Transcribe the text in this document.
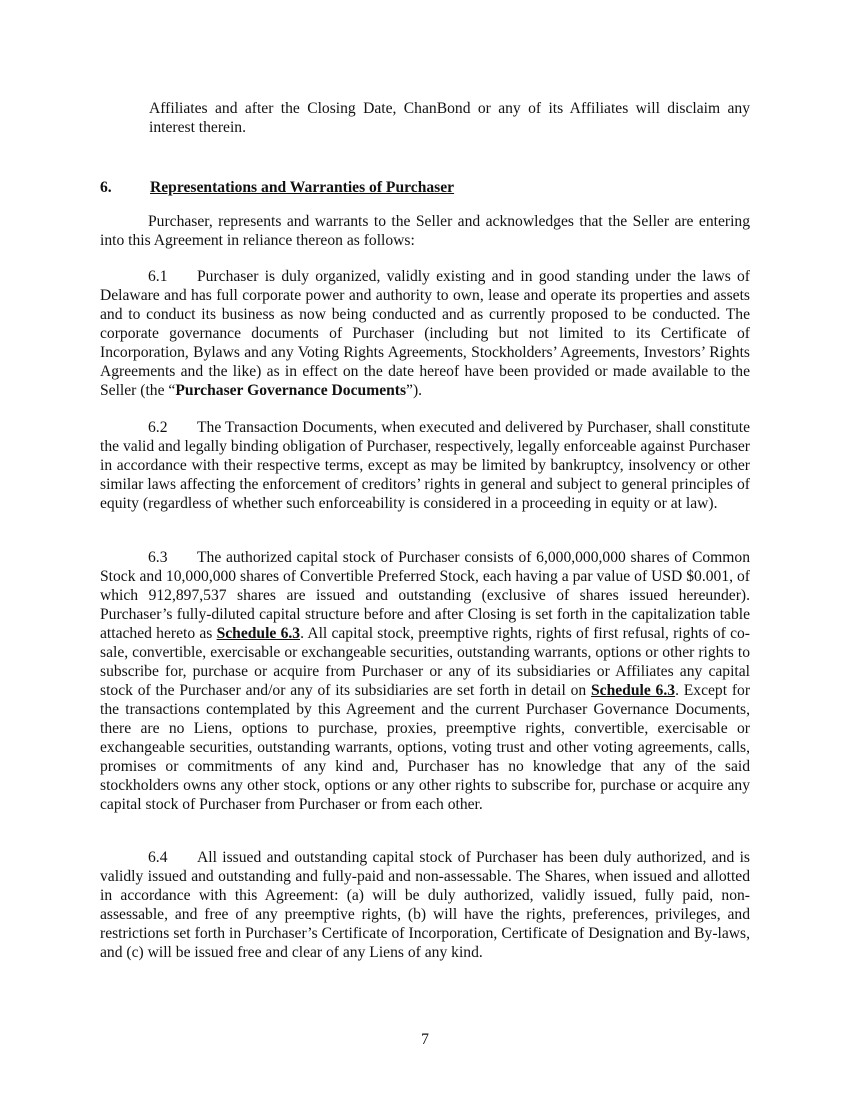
Affiliates and after the Closing Date, ChanBond or any of its Affiliates will disclaim any interest therein.

6. Representations and Warranties of Purchaser

Purchaser, represents and warrants to the Seller and acknowledges that the Seller are entering into this Agreement in reliance thereon as follows:

6.1 Purchaser is duly organized, validly existing and in good standing under the laws of Delaware and has full corporate power and authority to own, lease and operate its properties and assets and to conduct its business as now being conducted and as currently proposed to be conducted. The corporate governance documents of Purchaser (including but not limited to its Certificate of Incorporation, Bylaws and any Voting Rights Agreements, Stockholders’ Agreements, Investors’ Rights Agreements and the like) as in effect on the date hereof have been provided or made available to the Seller (the “Purchaser Governance Documents”).

6.2 The Transaction Documents, when executed and delivered by Purchaser, shall constitute the valid and legally binding obligation of Purchaser, respectively, legally enforceable against Purchaser in accordance with their respective terms, except as may be limited by bankruptcy, insolvency or other similar laws affecting the enforcement of creditors’ rights in general and subject to general principles of equity (regardless of whether such enforceability is considered in a proceeding in equity or at law).

6.3 The authorized capital stock of Purchaser consists of 6,000,000,000 shares of Common Stock and 10,000,000 shares of Convertible Preferred Stock, each having a par value of USD $0.001, of which 912,897,537 shares are issued and outstanding (exclusive of shares issued hereunder). Purchaser’s fully-diluted capital structure before and after Closing is set forth in the capitalization table attached hereto as Schedule 6.3. All capital stock, preemptive rights, rights of first refusal, rights of co-sale, convertible, exercisable or exchangeable securities, outstanding warrants, options or other rights to subscribe for, purchase or acquire from Purchaser or any of its subsidiaries or Affiliates any capital stock of the Purchaser and/or any of its subsidiaries are set forth in detail on Schedule 6.3. Except for the transactions contemplated by this Agreement and the current Purchaser Governance Documents, there are no Liens, options to purchase, proxies, preemptive rights, convertible, exercisable or exchangeable securities, outstanding warrants, options, voting trust and other voting agreements, calls, promises or commitments of any kind and, Purchaser has no knowledge that any of the said stockholders owns any other stock, options or any other rights to subscribe for, purchase or acquire any capital stock of Purchaser from Purchaser or from each other.

6.4 All issued and outstanding capital stock of Purchaser has been duly authorized, and is validly issued and outstanding and fully-paid and non-assessable. The Shares, when issued and allotted in accordance with this Agreement: (a) will be duly authorized, validly issued, fully paid, non-assessable, and free of any preemptive rights, (b) will have the rights, preferences, privileges, and restrictions set forth in Purchaser’s Certificate of Incorporation, Certificate of Designation and By-laws, and (c) will be issued free and clear of any Liens of any kind.

7
